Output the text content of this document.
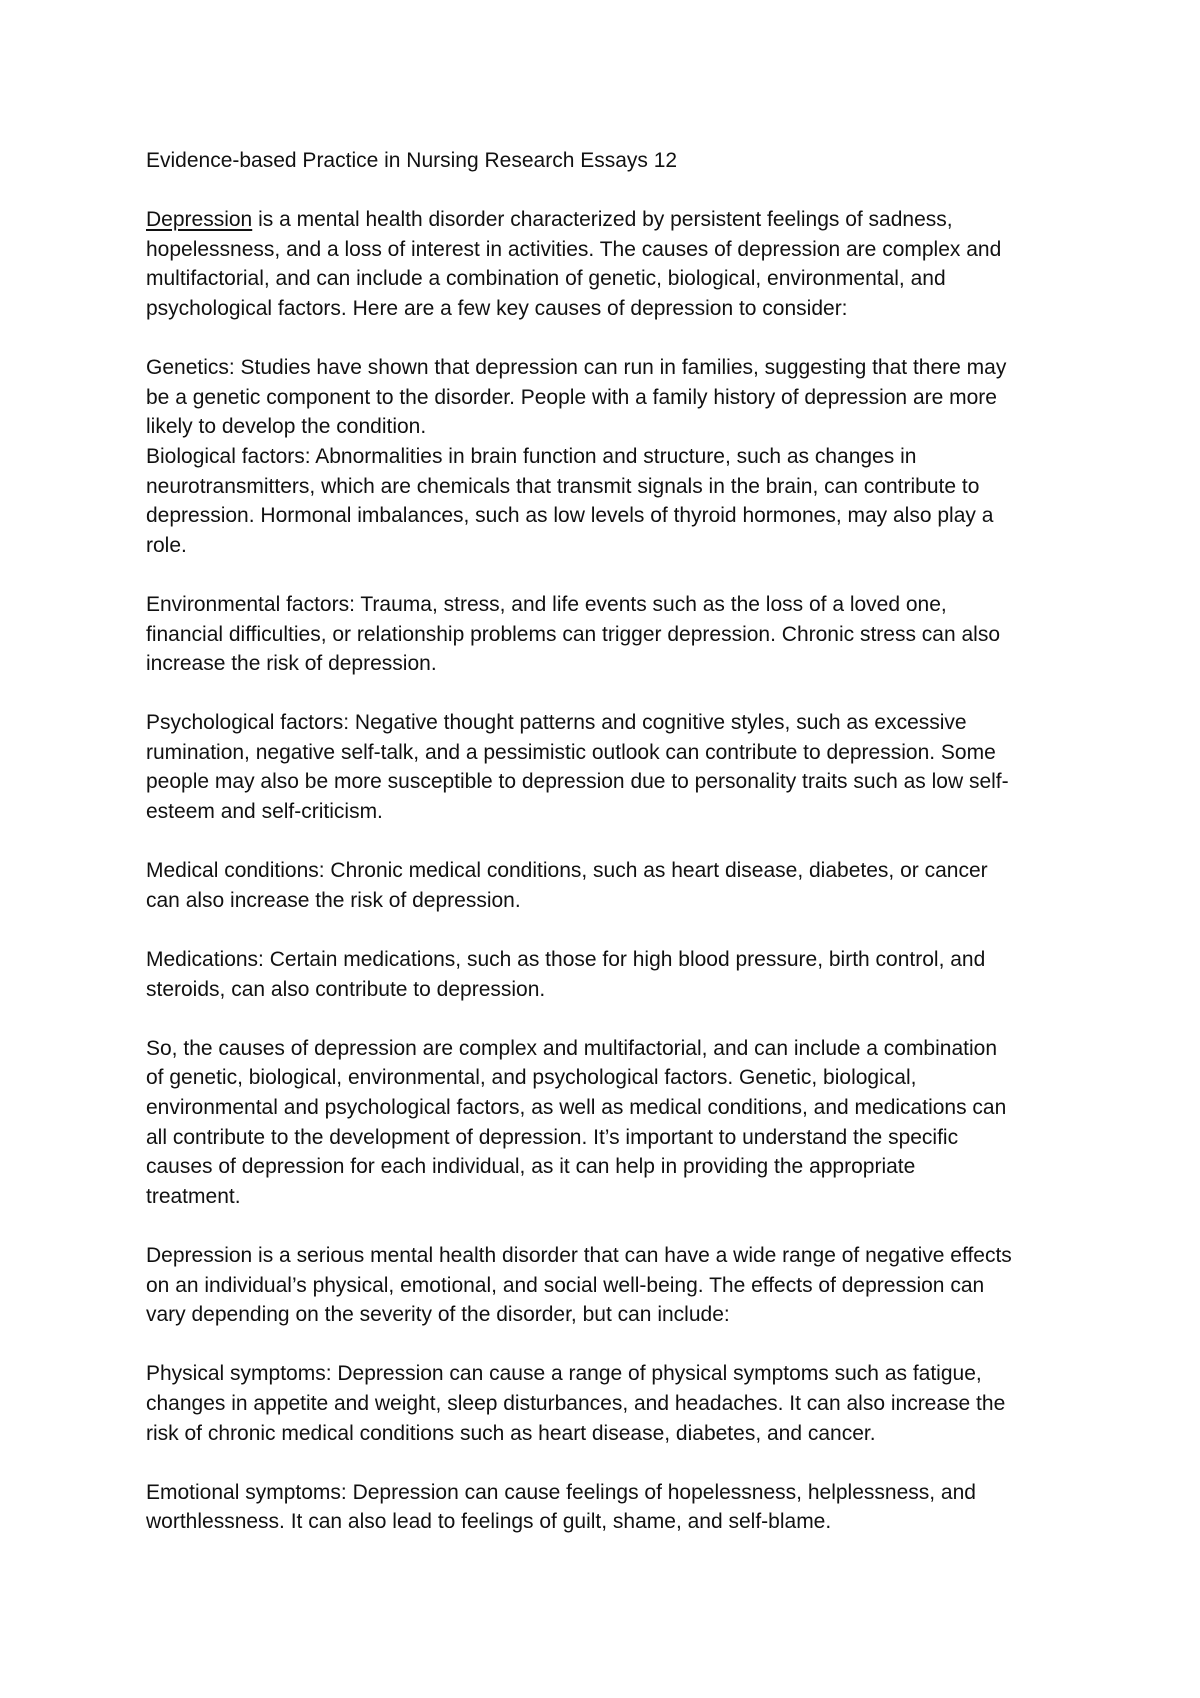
Evidence-based Practice in Nursing Research Essays 12
Depression is a mental health disorder characterized by persistent feelings of sadness,
hopelessness, and a loss of interest in activities. The causes of depression are complex and
multifactorial, and can include a combination of genetic, biological, environmental, and
psychological factors. Here are a few key causes of depression to consider:
Genetics: Studies have shown that depression can run in families, suggesting that there may
be a genetic component to the disorder. People with a family history of depression are more
likely to develop the condition.
Biological factors: Abnormalities in brain function and structure, such as changes in
neurotransmitters, which are chemicals that transmit signals in the brain, can contribute to
depression. Hormonal imbalances, such as low levels of thyroid hormones, may also play a
role.
Environmental factors: Trauma, stress, and life events such as the loss of a loved one,
financial difficulties, or relationship problems can trigger depression. Chronic stress can also
increase the risk of depression.
Psychological factors: Negative thought patterns and cognitive styles, such as excessive
rumination, negative self-talk, and a pessimistic outlook can contribute to depression. Some
people may also be more susceptible to depression due to personality traits such as low self-
esteem and self-criticism.
Medical conditions: Chronic medical conditions, such as heart disease, diabetes, or cancer
can also increase the risk of depression.
Medications: Certain medications, such as those for high blood pressure, birth control, and
steroids, can also contribute to depression.
So, the causes of depression are complex and multifactorial, and can include a combination
of genetic, biological, environmental, and psychological factors. Genetic, biological,
environmental and psychological factors, as well as medical conditions, and medications can
all contribute to the development of depression. It’s important to understand the specific
causes of depression for each individual, as it can help in providing the appropriate
treatment.
Depression is a serious mental health disorder that can have a wide range of negative effects
on an individual’s physical, emotional, and social well-being. The effects of depression can
vary depending on the severity of the disorder, but can include:
Physical symptoms: Depression can cause a range of physical symptoms such as fatigue,
changes in appetite and weight, sleep disturbances, and headaches. It can also increase the
risk of chronic medical conditions such as heart disease, diabetes, and cancer.
Emotional symptoms: Depression can cause feelings of hopelessness, helplessness, and
worthlessness. It can also lead to feelings of guilt, shame, and self-blame.
